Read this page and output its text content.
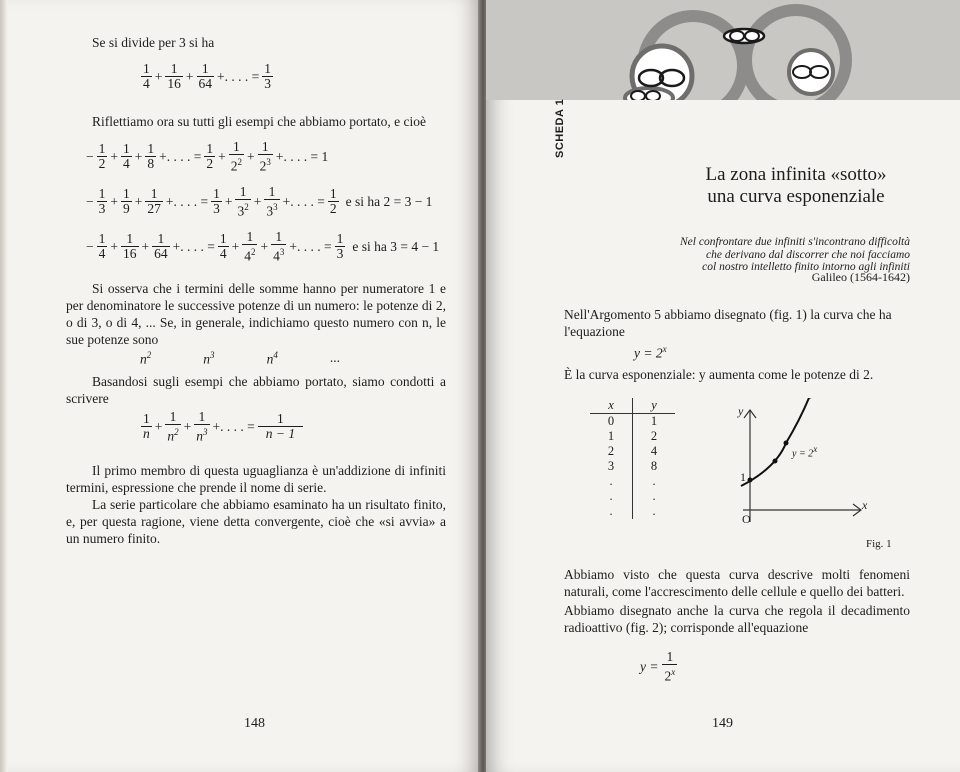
Se si divide per 3 si ha
$\frac{1}{4} + \frac{1}{16} + \frac{1}{64}$ +. . . . = $\frac{1}{3}$
Riflettiamo ora su tutti gli esempi che abbiamo portato, e cioè
− $\frac{1}{2} + \frac{1}{4} + \frac{1}{8}$ +. . . . = $\frac{1}{2} + \frac{1}{2^2} + \frac{1}{2^3}$ +. . . . = 1
− $\frac{1}{3} + \frac{1}{9} + \frac{1}{27}$ +. . . . = $\frac{1}{3} + \frac{1}{3^2} + \frac{1}{3^3}$ +. . . . = $\frac{1}{2}$ e si ha 2 = 3 − 1
− $\frac{1}{4} + \frac{1}{16} + \frac{1}{64}$ +. . . . = $\frac{1}{4} + \frac{1}{4^2} + \frac{1}{4^3}$ +. . . . = $\frac{1}{3}$ e si ha 3 = 4 − 1
Si osserva che i termini delle somme hanno per numeratore 1 e per denominatore le successive potenze di un numero: le potenze di 2, o di 3, o di 4, ... Se, in generale, indichiamo questo numero con n, le sue potenze sono
$n^2$	$n^3$	$n^4$	...
Basandosi sugli esempi che abbiamo portato, siamo condotti a scrivere
$\frac{1}{n} + \frac{1}{n^2} + \frac{1}{n^3}$ +. . . . = $\frac{1}{n - 1}$
Il primo membro di questa uguaglianza è un'addizione di infiniti termini, espressione che prende il nome di serie.
La serie particolare che abbiamo esaminato ha un risultato finito, e, per questa ragione, viene detta convergente, cioè che «si avvia» a un numero finito.
148
La zona infinita «sotto»
una curva esponenziale
Nel confrontare due infiniti s'incontrano difficoltà
che derivano dal discorrer che noi facciamo
col nostro intelletto finito intorno agli infiniti
Galileo (1564-1642)
Nell'Argomento 5 abbiamo disegnato (fig. 1) la curva che ha l'equazione
$y = 2^x$
È la curva esponenziale: y aumenta come le potenze di 2.
x	y
0	1
1	2
2	4
3	8
.	.
.	.
.	.
y
x
O
1
$y = 2^x$
Fig. 1
Abbiamo visto che questa curva descrive molti fenomeni naturali, come l'accrescimento delle cellule e quello dei batteri.
Abbiamo disegnato anche la curva che regola il decadimento radioattivo (fig. 2); corrisponde all'equazione
$y = \frac{1}{2^x}$
149
SCHEDA 1
